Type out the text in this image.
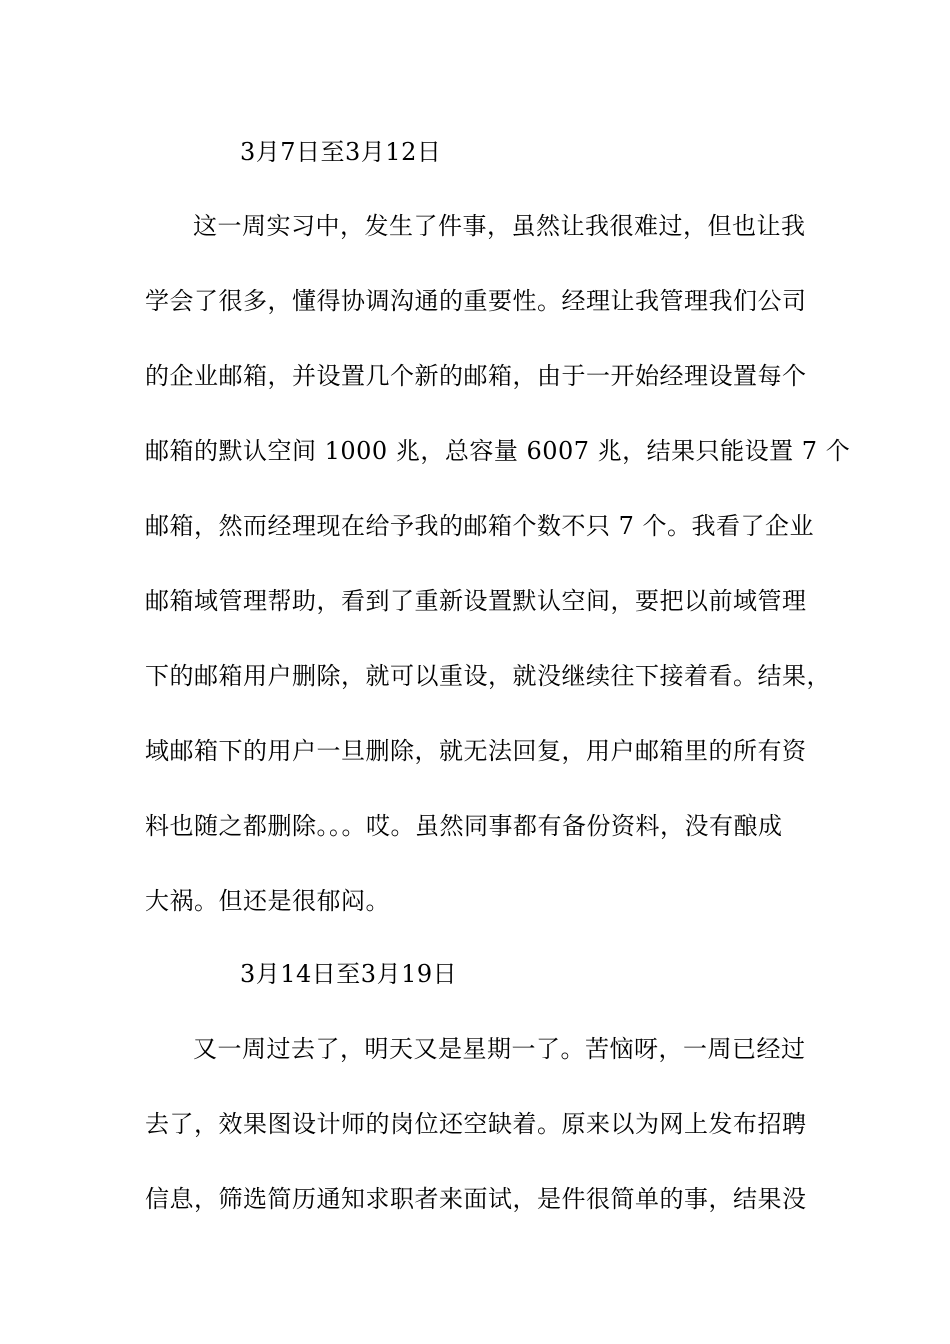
3月7日至3月12日
这一周实习中，发生了件事，虽然让我很难过，但也让我
学会了很多，懂得协调沟通的重要性。经理让我管理我们公司
的企业邮箱，并设置几个新的邮箱，由于一开始经理设置每个
邮箱的默认空间 1000 兆，总容量 6007 兆，结果只能设置 7 个
邮箱，然而经理现在给予我的邮箱个数不只 7 个。我看了企业
邮箱域管理帮助，看到了重新设置默认空间，要把以前域管理
下的邮箱用户删除，就可以重设，就没继续往下接着看。结果，
域邮箱下的用户一旦删除，就无法回复，用户邮箱里的所有资
料也随之都删除。。。哎。虽然同事都有备份资料，没有酿成
大祸。但还是很郁闷。
3月14日至3月19日
又一周过去了，明天又是星期一了。苦恼呀，一周已经过
去了，效果图设计师的岗位还空缺着。原来以为网上发布招聘
信息，筛选简历通知求职者来面试，是件很简单的事，结果没
